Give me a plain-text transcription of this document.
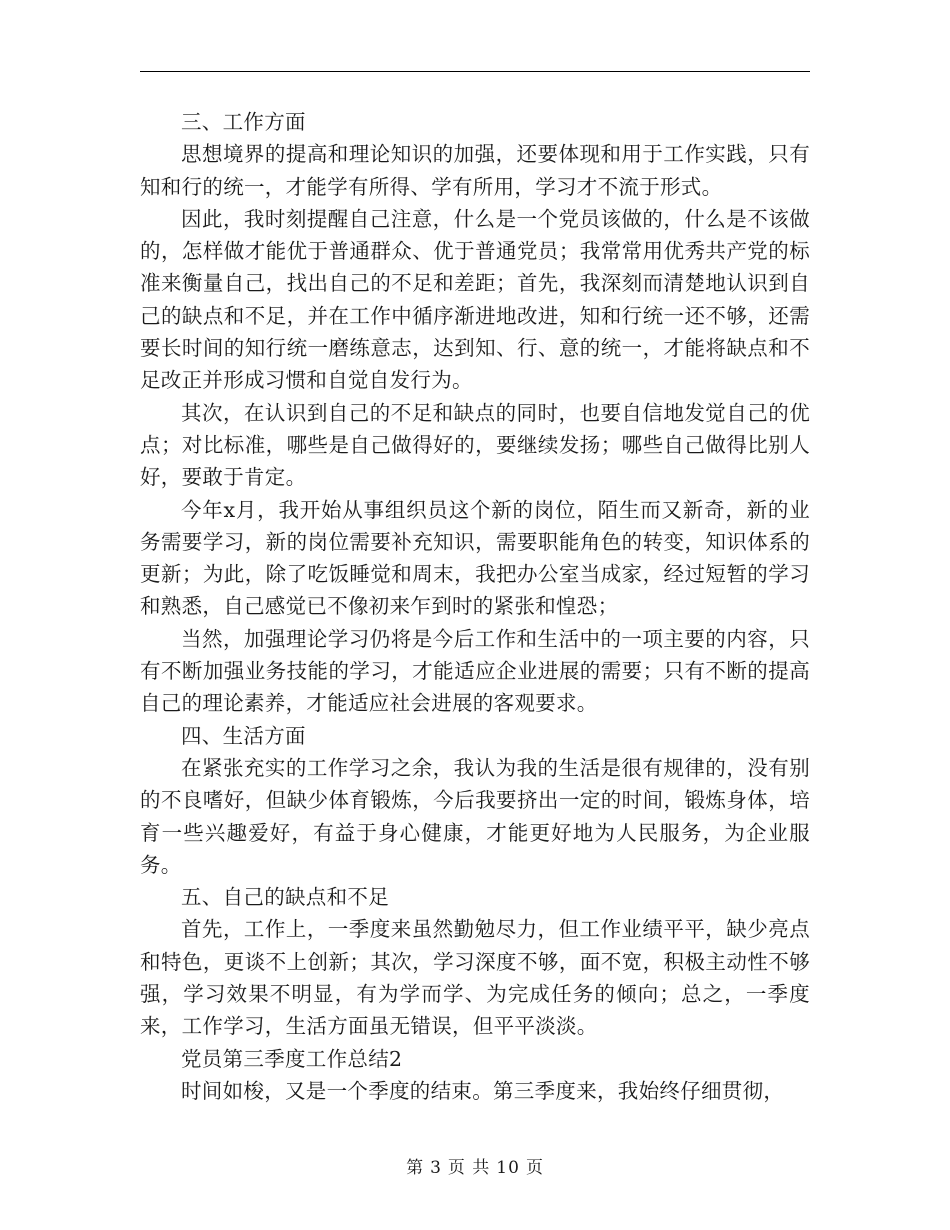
三、工作方面

思想境界的提高和理论知识的加强，还要体现和用于工作实践，只有知和行的统一，才能学有所得、学有所用，学习才不流于形式。

因此，我时刻提醒自己注意，什么是一个党员该做的，什么是不该做的，怎样做才能优于普通群众、优于普通党员；我常常用优秀共产党的标准来衡量自己，找出自己的不足和差距；首先，我深刻而清楚地认识到自己的缺点和不足，并在工作中循序渐进地改进，知和行统一还不够，还需要长时间的知行统一磨练意志，达到知、行、意的统一，才能将缺点和不足改正并形成习惯和自觉自发行为。

其次，在认识到自己的不足和缺点的同时，也要自信地发觉自己的优点；对比标准，哪些是自己做得好的，要继续发扬；哪些自己做得比别人好，要敢于肯定。

今年x月，我开始从事组织员这个新的岗位，陌生而又新奇，新的业务需要学习，新的岗位需要补充知识，需要职能角色的转变，知识体系的更新；为此，除了吃饭睡觉和周末，我把办公室当成家，经过短暂的学习和熟悉，自己感觉已不像初来乍到时的紧张和惶恐；

当然，加强理论学习仍将是今后工作和生活中的一项主要的内容，只有不断加强业务技能的学习，才能适应企业进展的需要；只有不断的提高自己的理论素养，才能适应社会进展的客观要求。

四、生活方面

在紧张充实的工作学习之余，我认为我的生活是很有规律的，没有别的不良嗜好，但缺少体育锻炼，今后我要挤出一定的时间，锻炼身体，培育一些兴趣爱好，有益于身心健康，才能更好地为人民服务，为企业服务。

五、自己的缺点和不足

首先，工作上，一季度来虽然勤勉尽力，但工作业绩平平，缺少亮点和特色，更谈不上创新；其次，学习深度不够，面不宽，积极主动性不够强，学习效果不明显，有为学而学、为完成任务的倾向；总之，一季度来，工作学习，生活方面虽无错误，但平平淡淡。

党员第三季度工作总结2

时间如梭，又是一个季度的结束。第三季度来，我始终仔细贯彻，

第 3 页 共 10 页
